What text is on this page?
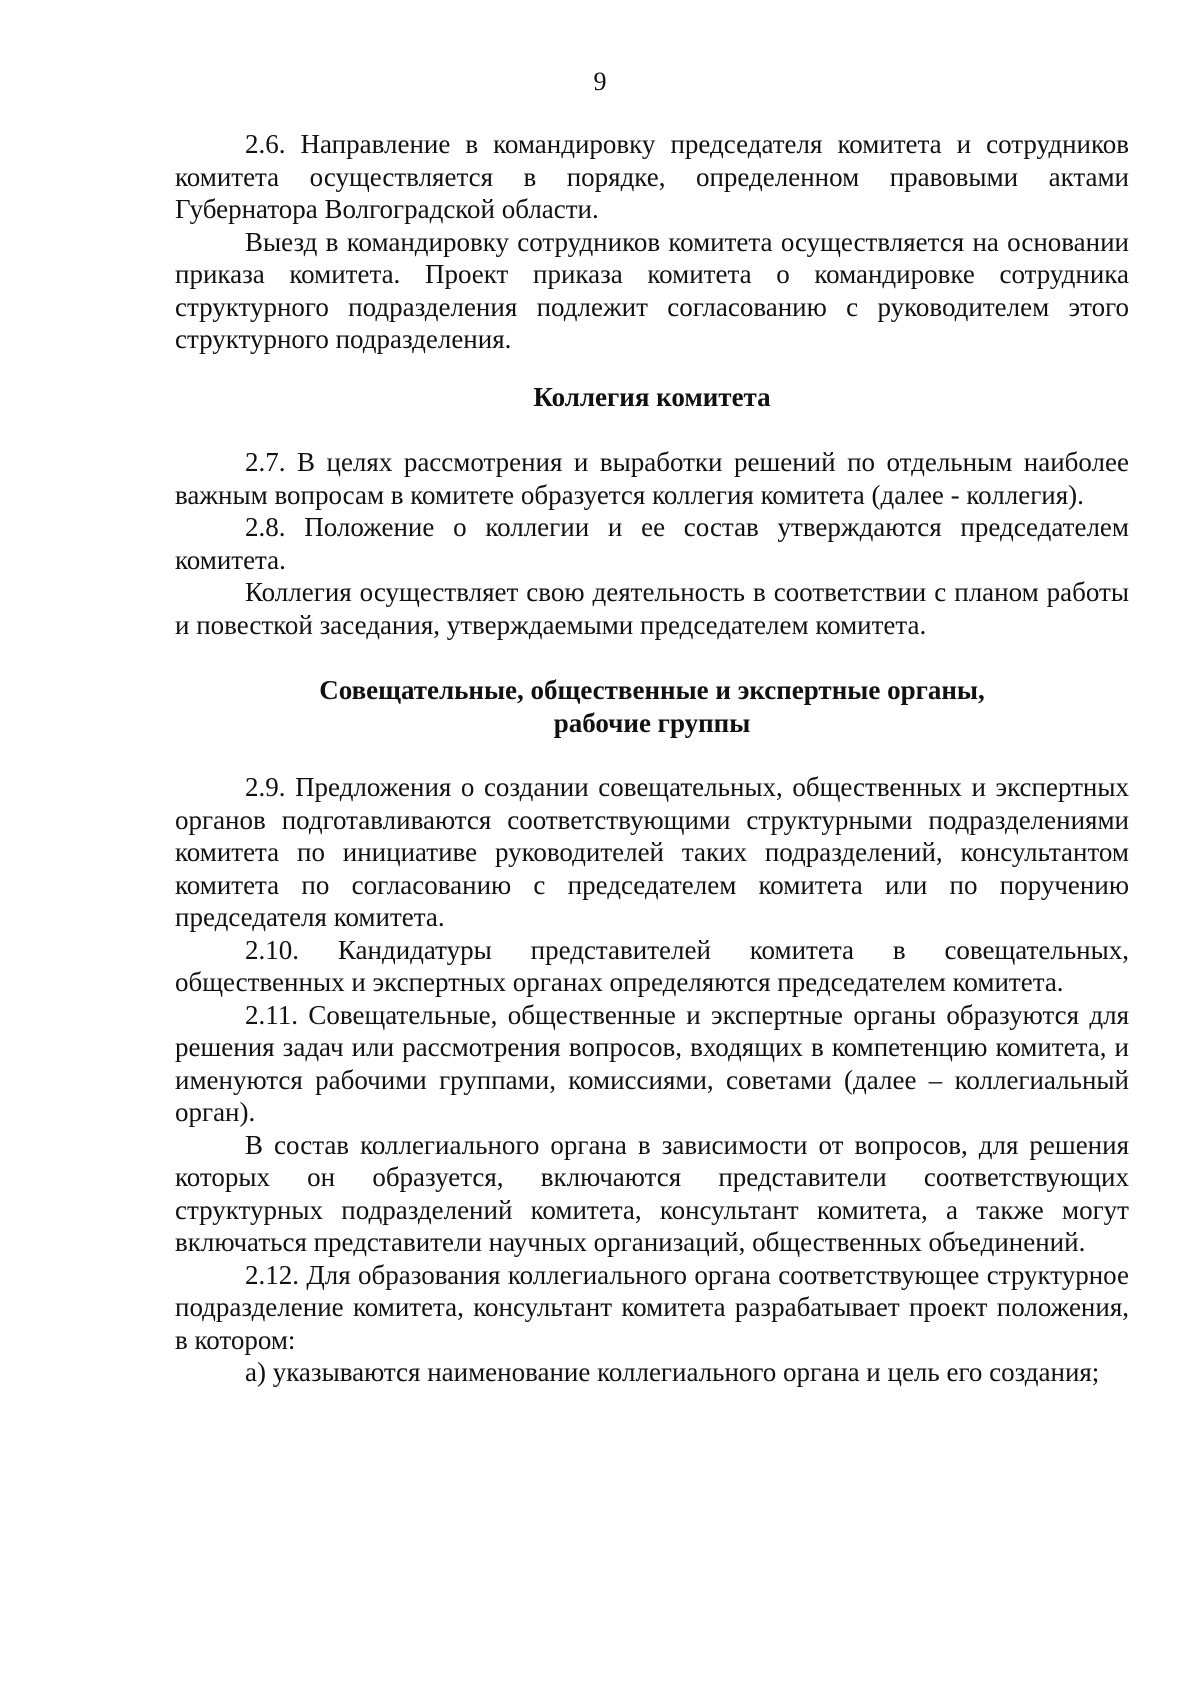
9

2.6. Направление в командировку председателя комитета и сотрудников комитета осуществляется в порядке, определенном правовыми актами Губернатора Волгоградской области.

Выезд в командировку сотрудников комитета осуществляется на основании приказа комитета. Проект приказа комитета о командировке сотрудника структурного подразделения подлежит согласованию с руководителем этого структурного подразделения.

Коллегия комитета

2.7. В целях рассмотрения и выработки решений по отдельным наиболее важным вопросам в комитете образуется коллегия комитета (далее - коллегия).

2.8. Положение о коллегии и ее состав утверждаются председателем комитета.

Коллегия осуществляет свою деятельность в соответствии с планом работы и повесткой заседания, утверждаемыми председателем комитета.

Совещательные, общественные и экспертные органы,
рабочие группы

2.9. Предложения о создании совещательных, общественных и экспертных органов подготавливаются соответствующими структурными подразделениями комитета по инициативе руководителей таких подразделений, консультантом комитета по согласованию с председателем комитета или по поручению председателя комитета.

2.10. Кандидатуры представителей комитета в совещательных, общественных и экспертных органах определяются председателем комитета.

2.11. Совещательные, общественные и экспертные органы образуются для решения задач или рассмотрения вопросов, входящих в компетенцию комитета, и именуются рабочими группами, комиссиями, советами (далее – коллегиальный орган).

В состав коллегиального органа в зависимости от вопросов, для решения которых он образуется, включаются представители соответствующих структурных подразделений комитета, консультант комитета, а также могут включаться представители научных организаций, общественных объединений.

2.12. Для образования коллегиального органа соответствующее структурное подразделение комитета, консультант комитета разрабатывает проект положения, в котором:

а) указываются наименование коллегиального органа и цель его создания;
